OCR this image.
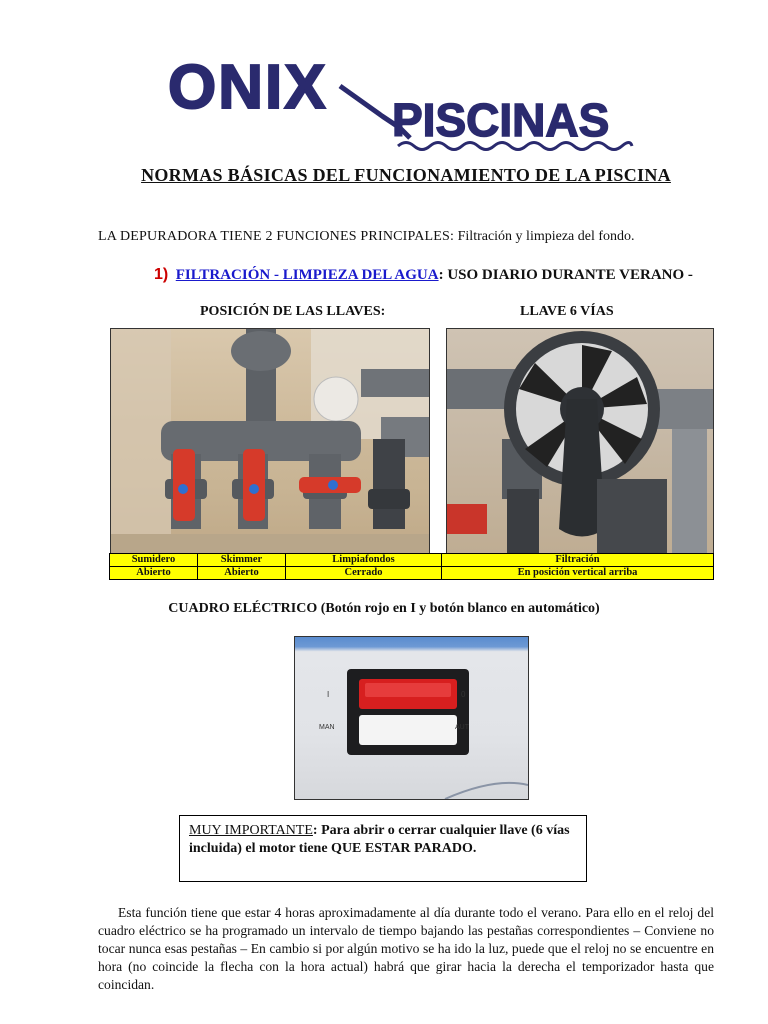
ONIX PISCINAS
NORMAS BÁSICAS DEL FUNCIONAMIENTO DE LA PISCINA
LA DEPURADORA TIENE 2 FUNCIONES PRINCIPALES: Filtración y limpieza del fondo.
1) FILTRACIÓN - LIMPIEZA DEL AGUA: USO DIARIO DURANTE VERANO -
POSICIÓN DE LAS LLAVES:	LLAVE 6 VÍAS
Sumidero	Skimmer	Limpiafondos	Filtración
Abierto	Abierto	Cerrado	En posición vertical arriba
CUADRO ELÉCTRICO (Botón rojo en I y botón blanco en automático)
I	0
MAN	AUT
MUY IMPORTANTE: Para abrir o cerrar cualquier llave (6 vías incluida) el motor tiene QUE ESTAR PARADO.
Esta función tiene que estar 4 horas aproximadamente al día durante todo el verano. Para ello en el reloj del cuadro eléctrico se ha programado un intervalo de tiempo bajando las pestañas correspondientes – Conviene no tocar nunca esas pestañas – En cambio si por algún motivo se ha ido la luz, puede que el reloj no se encuentre en hora (no coincide la flecha con la hora actual) habrá que girar hacia la derecha el temporizador hasta que coincidan.
